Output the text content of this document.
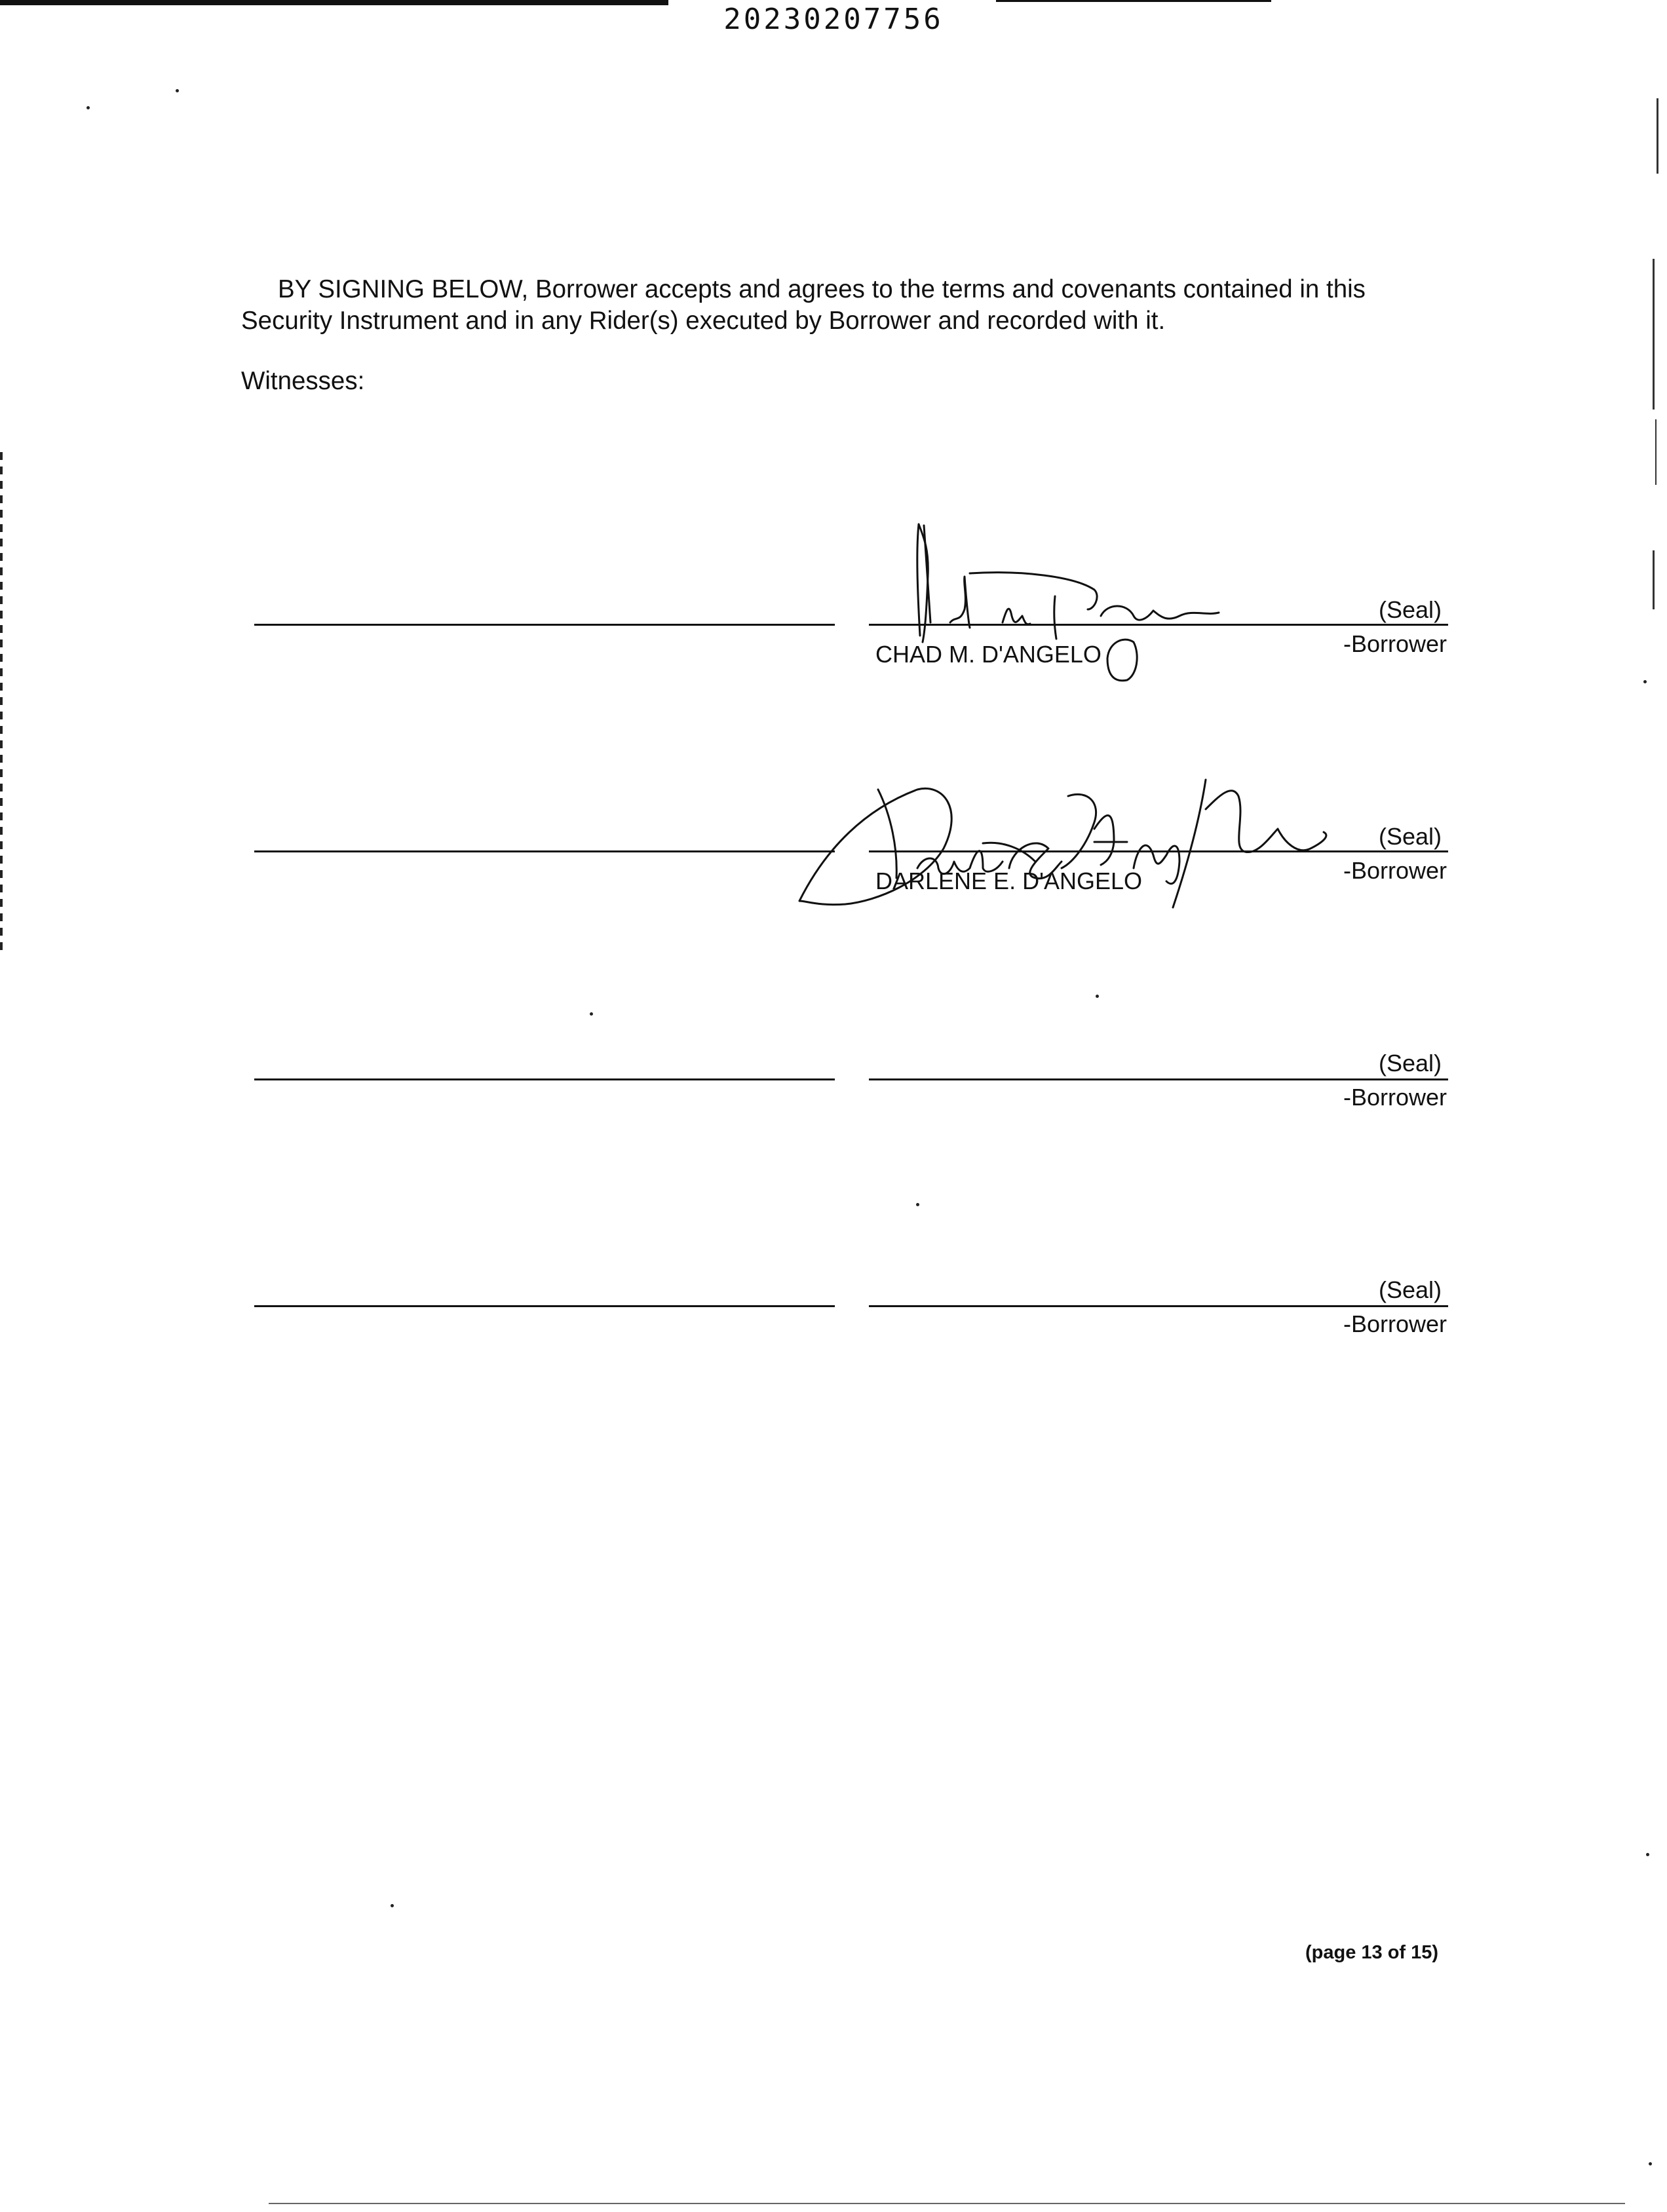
20230207756
BY SIGNING BELOW, Borrower accepts and agrees to the terms and covenants contained in this Security Instrument and in any Rider(s) executed by Borrower and recorded with it.
Witnesses:
(Seal)
CHAD M. D'ANGELO	-Borrower
(Seal)
DARLENE E. D'ANGELO	-Borrower
(Seal)
-Borrower
(Seal)
-Borrower
(page 13 of 15)
